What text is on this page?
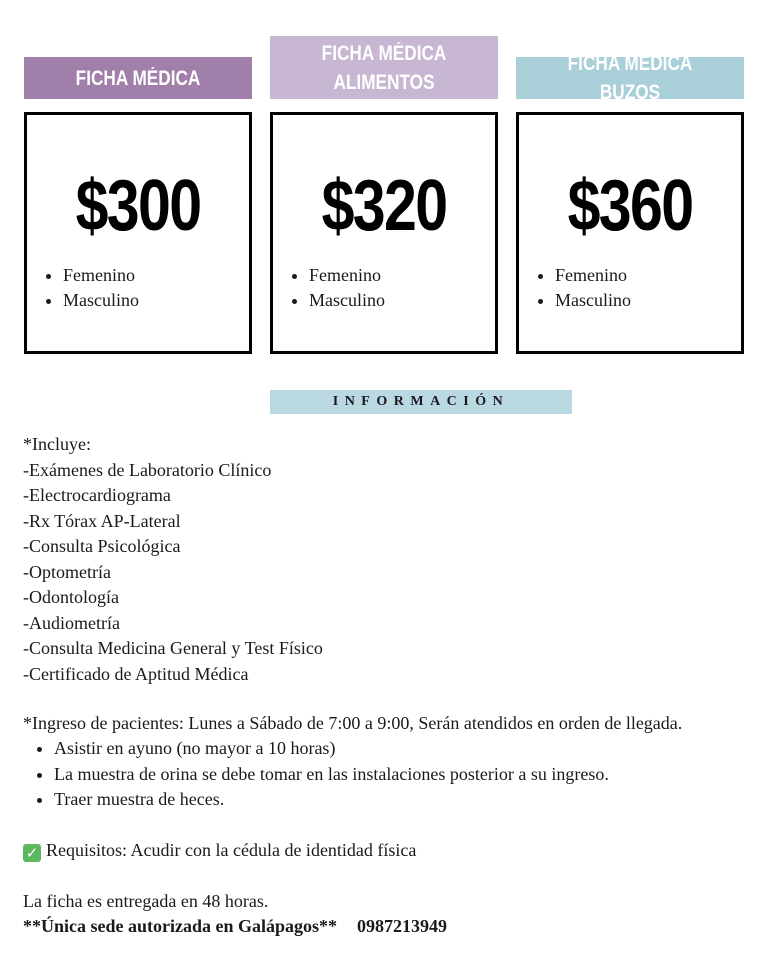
FICHA MÉDICA
FICHA MÉDICA
ALIMENTOS
FICHA MÉDICA BUZOS
$300
• Femenino
• Masculino
$320
• Femenino
• Masculino
$360
• Femenino
• Masculino
INFORMACIÓN

*Incluye:

-Exámenes de Laboratorio Clínico
-Electrocardiograma
-Rx Tórax AP-Lateral
-Consulta Psicológica
-Optometría
-Odontología
-Audiometría
-Consulta Medicina General y Test Físico
-Certificado de Aptitud Médica

*Ingreso de pacientes: Lunes a Sábado de 7:00 a 9:00, Serán atendidos en orden de llegada.

• Asistir en ayuno (no mayor a 10 horas)
• La muestra de orina se debe tomar en las instalaciones posterior a su ingreso.
• Traer muestra de heces.

✓ Requisitos: Acudir con la cédula de identidad física

La ficha es entregada en 48 horas.

**Única sede autorizada en Galápagos** 0987213949
